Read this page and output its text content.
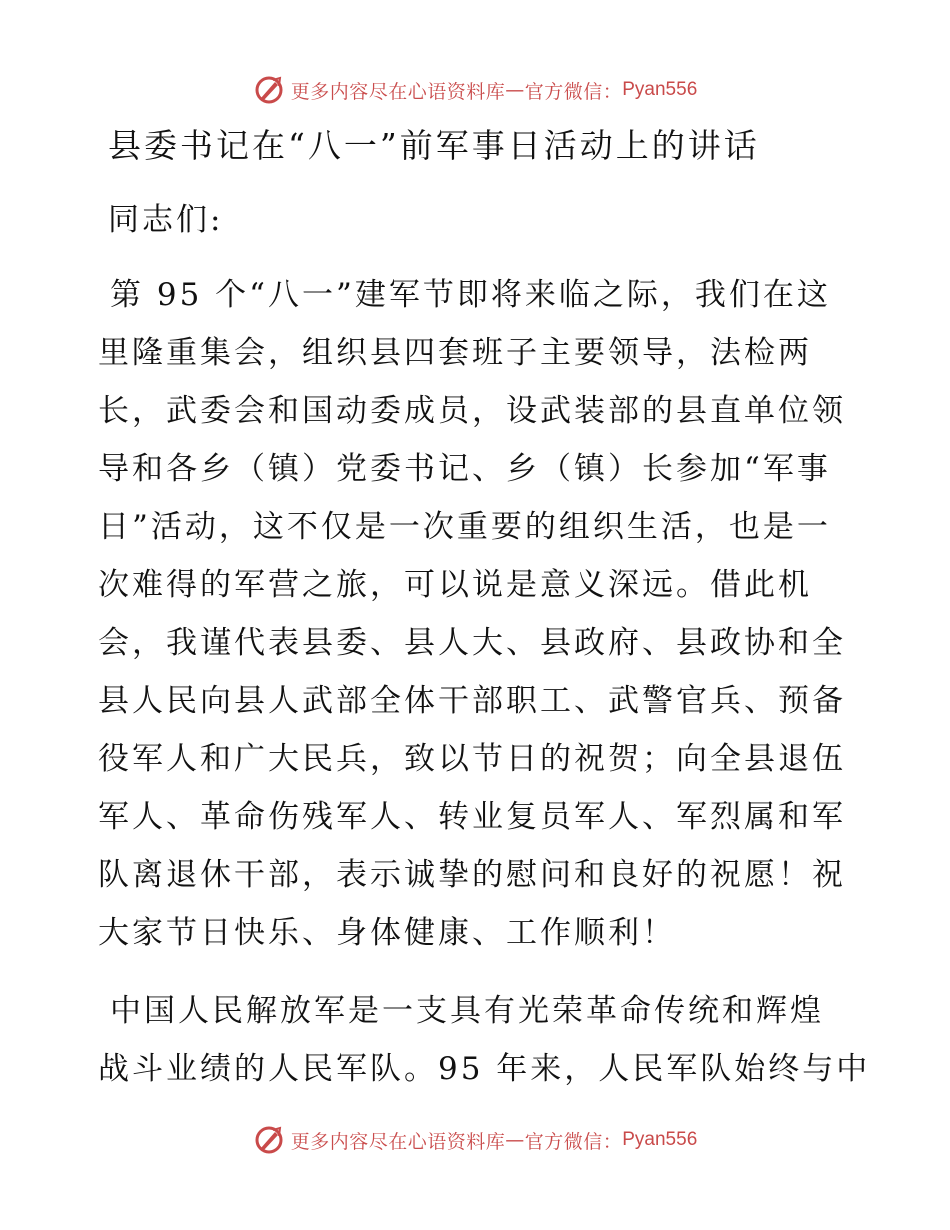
更多内容尽在心语资料库 — 官方微信： Pyan556
县委书记在“八一”前军事日活动上的讲话
同志们:
第 95 个“八一”建军节即将来临之际，我们在这
里隆重集会，组织县四套班子主要领导，法检两
长，武委会和国动委成员，设武装部的县直单位领
导和各乡（镇）党委书记、乡（镇）长参加“军事
日”活动，这不仅是一次重要的组织生活，也是一
次难得的军营之旅，可以说是意义深远。借此机
会，我谨代表县委、县人大、县政府、县政协和全
县人民向县人武部全体干部职工、武警官兵、预备
役军人和广大民兵，致以节日的祝贺；向全县退伍
军人、革命伤残军人、转业复员军人、军烈属和军
队离退休干部，表示诚挚的慰问和良好的祝愿！祝
大家节日快乐、身体健康、工作顺利！
中国人民解放军是一支具有光荣革命传统和辉煌
战斗业绩的人民军队。95 年来，人民军队始终与中
更多内容尽在心语资料库 — 官方微信： Pyan556
